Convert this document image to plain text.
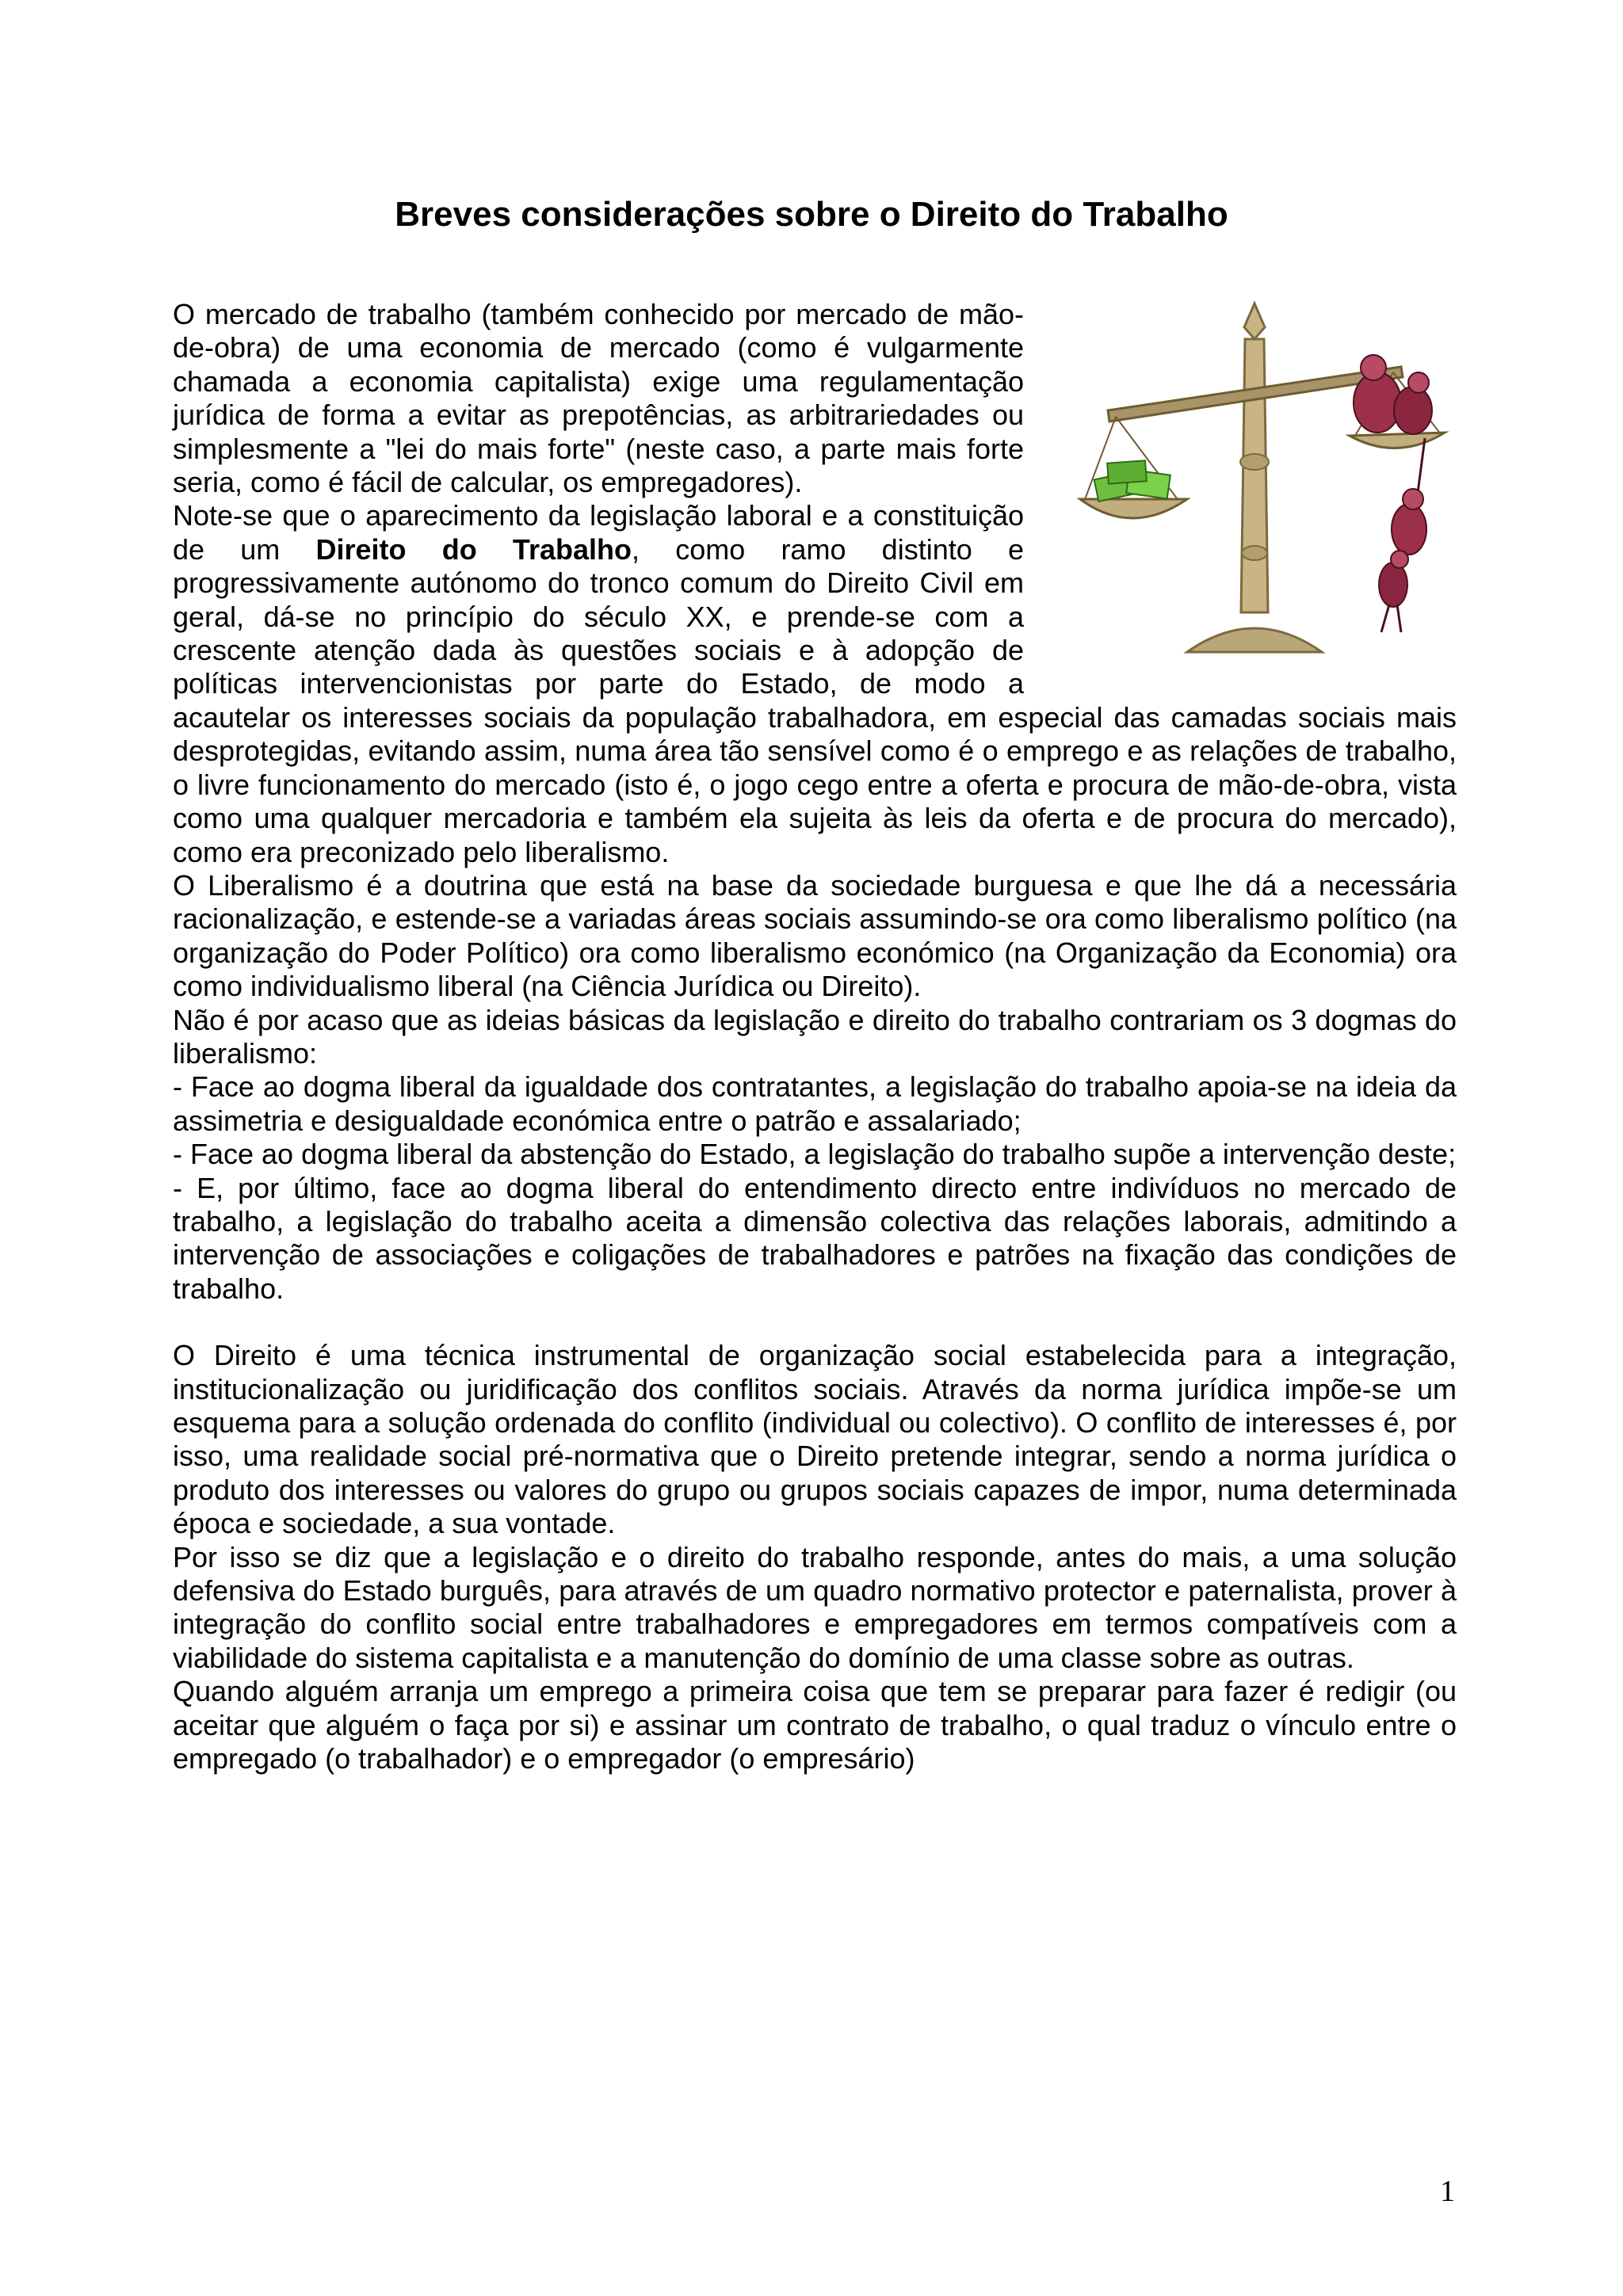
Breves considerações sobre o Direito do Trabalho

O mercado de trabalho (também conhecido por mercado de mão-de-obra) de uma economia de mercado (como é vulgarmente chamada a economia capitalista) exige uma regulamentação jurídica de forma a evitar as prepotências, as arbitrariedades ou simplesmente a "lei do mais forte" (neste caso, a parte mais forte seria, como é fácil de calcular, os empregadores).

Note-se que o aparecimento da legislação laboral e a constituição de um Direito do Trabalho, como ramo distinto e progressivamente autónomo do tronco comum do Direito Civil em geral, dá-se no princípio do século XX, e prende-se com a crescente atenção dada às questões sociais e à adopção de políticas intervencionistas por parte do Estado, de modo a acautelar os interesses sociais da população trabalhadora, em especial das camadas sociais mais desprotegidas, evitando assim, numa área tão sensível como é o emprego e as relações de trabalho, o livre funcionamento do mercado (isto é, o jogo cego entre a oferta e procura de mão-de-obra, vista como uma qualquer mercadoria e também ela sujeita às leis da oferta e de procura do mercado), como era preconizado pelo liberalismo.

O Liberalismo é a doutrina que está na base da sociedade burguesa e que lhe dá a necessária racionalização, e estende-se a variadas áreas sociais assumindo-se ora como liberalismo político (na organização do Poder Político) ora como liberalismo económico (na Organização da Economia) ora como individualismo liberal (na Ciência Jurídica ou Direito).

Não é por acaso que as ideias básicas da legislação e direito do trabalho contrariam os 3 dogmas do liberalismo:

- Face ao dogma liberal da igualdade dos contratantes, a legislação do trabalho apoia-se na ideia da assimetria e desigualdade económica entre o patrão e assalariado;

- Face ao dogma liberal da abstenção do Estado, a legislação do trabalho supõe a intervenção deste;

- E, por último, face ao dogma liberal do entendimento directo entre indivíduos no mercado de trabalho, a legislação do trabalho aceita a dimensão colectiva das relações laborais, admitindo a intervenção de associações e coligações de trabalhadores e patrões na fixação das condições de trabalho.

O Direito é uma técnica instrumental de organização social estabelecida para a integração, institucionalização ou juridificação dos conflitos sociais. Através da norma jurídica impõe-se um esquema para a solução ordenada do conflito (individual ou colectivo). O conflito de interesses é, por isso, uma realidade social pré-normativa que o Direito pretende integrar, sendo a norma jurídica o produto dos interesses ou valores do grupo ou grupos sociais capazes de impor, numa determinada época e sociedade, a sua vontade.

Por isso se diz que a legislação e o direito do trabalho responde, antes do mais, a uma solução defensiva do Estado burguês, para através de um quadro normativo protector e paternalista, prover à integração do conflito social entre trabalhadores e empregadores em termos compatíveis com a viabilidade do sistema capitalista e a manutenção do domínio de uma classe sobre as outras.

Quando alguém arranja um emprego a primeira coisa que tem se preparar para fazer é redigir (ou aceitar que alguém o faça por si) e assinar um contrato de trabalho, o qual traduz o vínculo entre o empregado (o trabalhador) e o empregador (o empresário)

1
